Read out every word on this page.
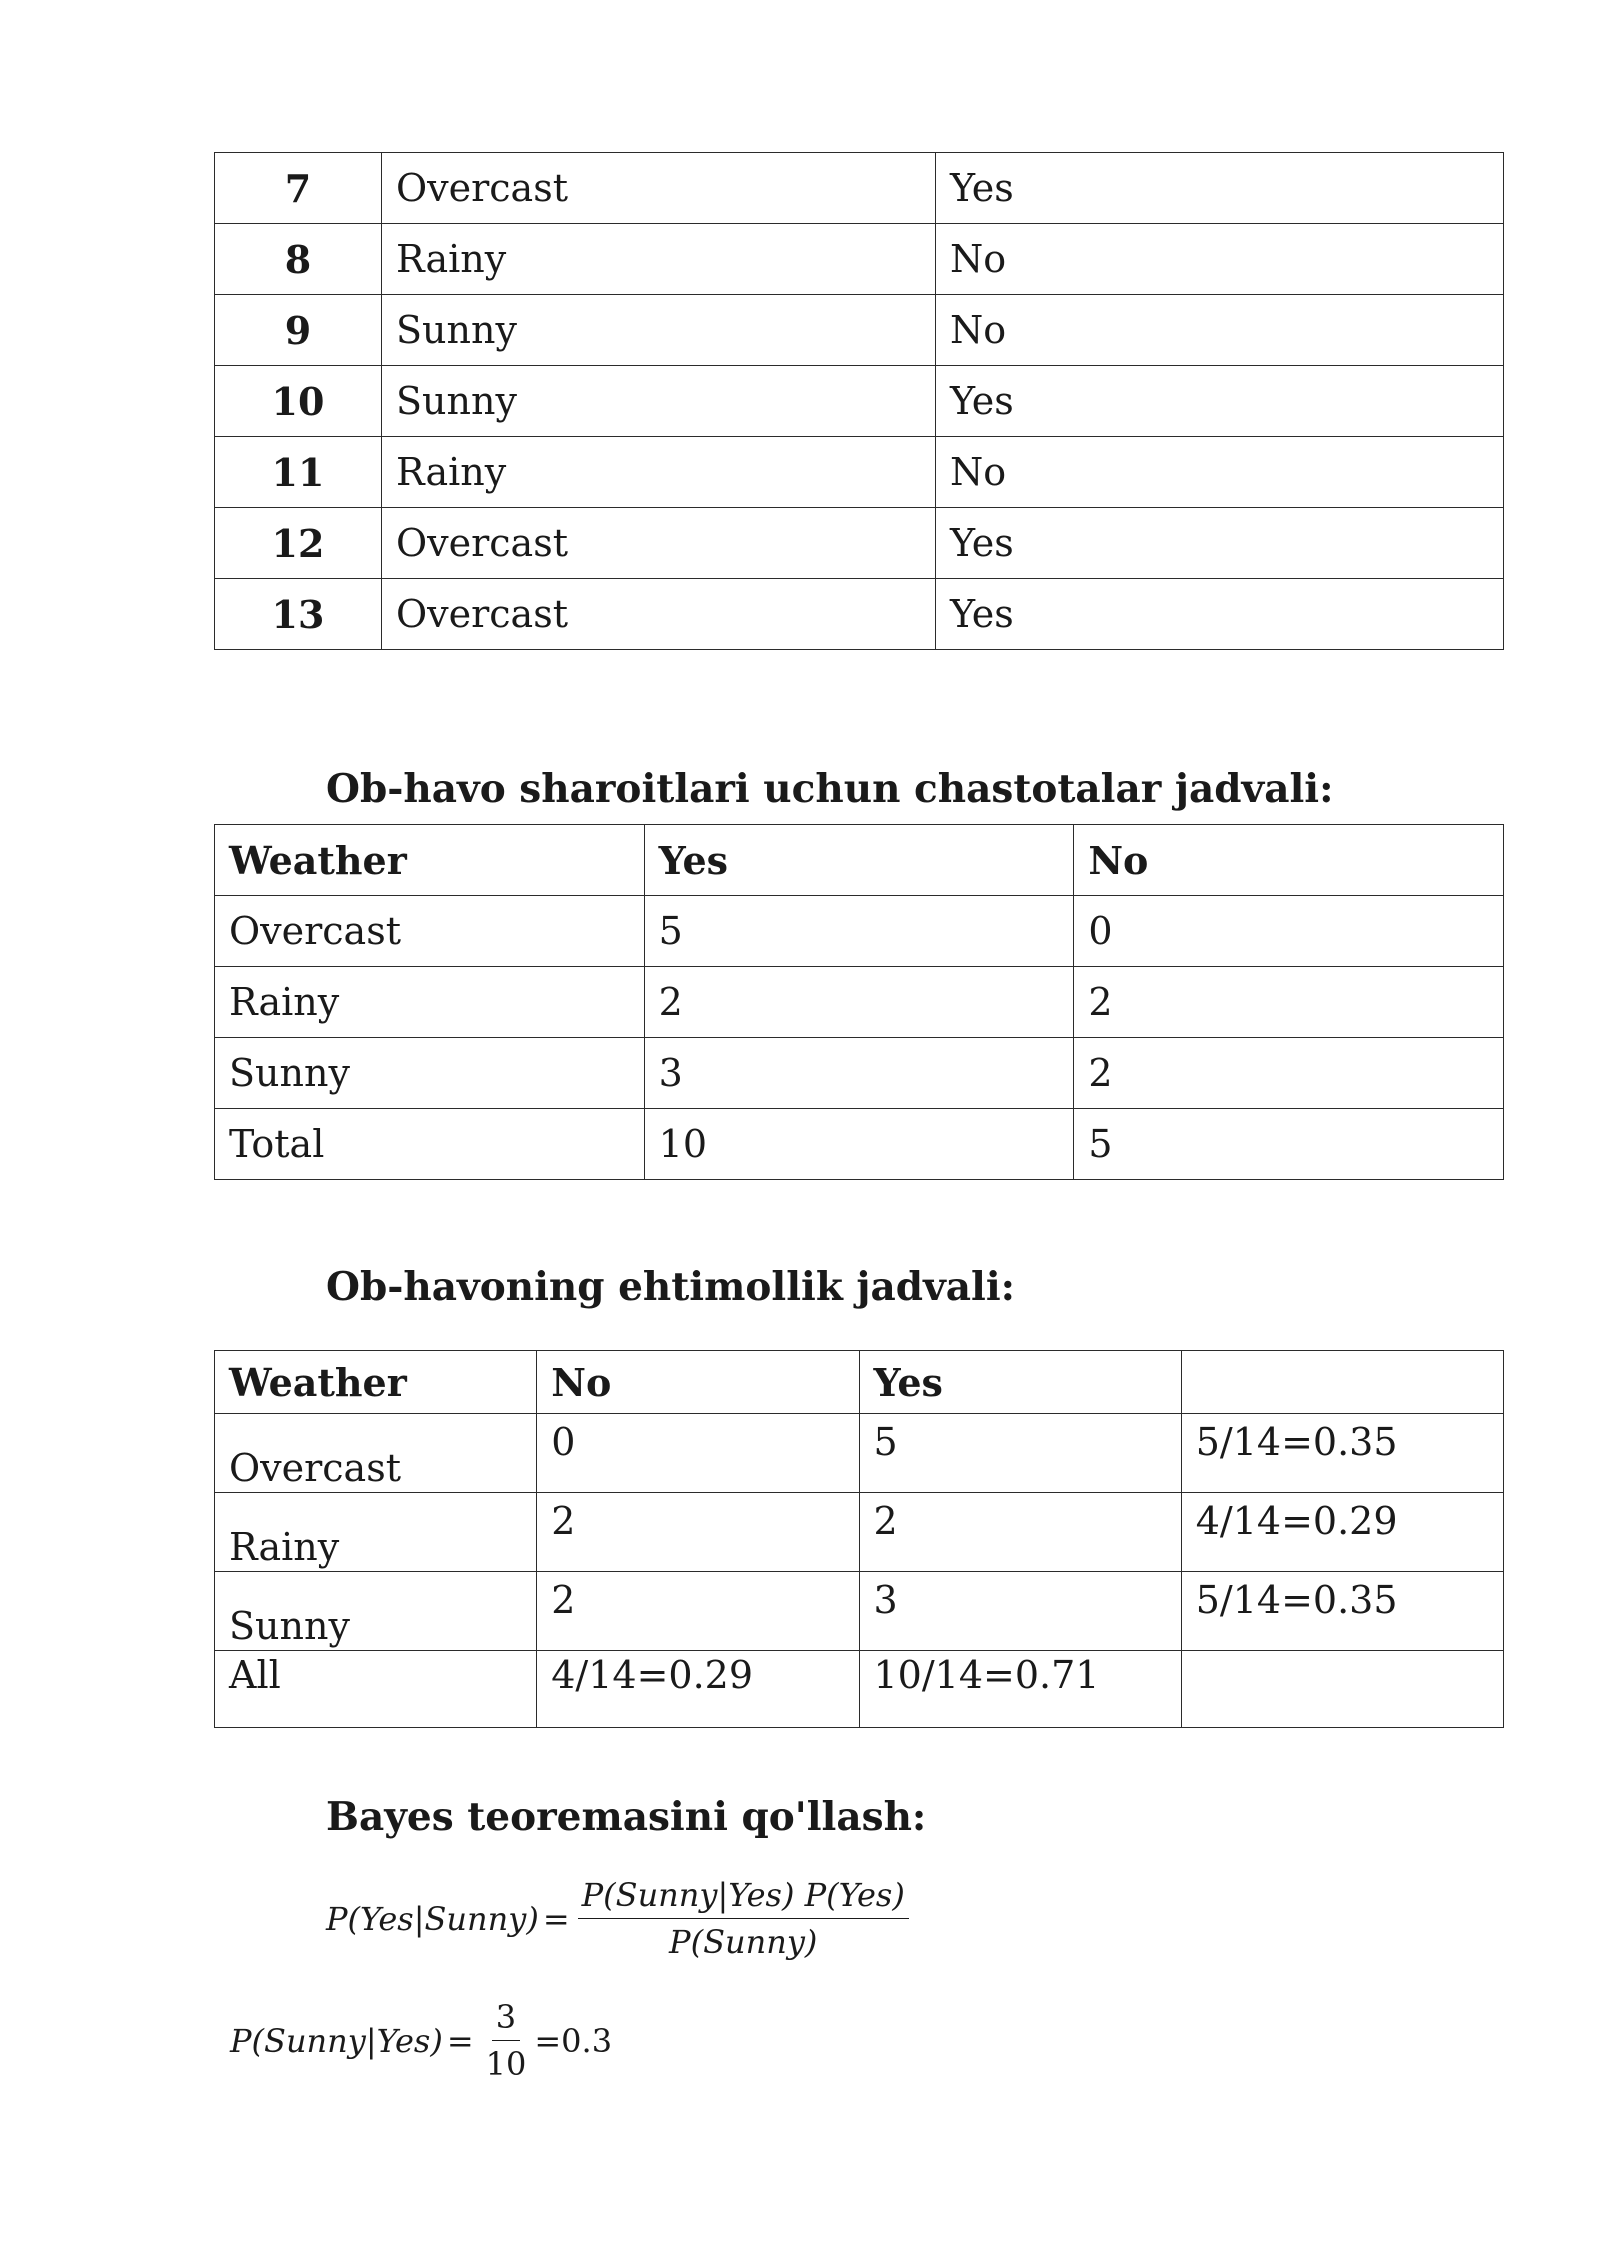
7	Overcast	Yes
8	Rainy	No
9	Sunny	No
10	Sunny	Yes
11	Rainy	No
12	Overcast	Yes
13	Overcast	Yes
Ob-havo sharoitlari uchun chastotalar jadvali:
Weather	Yes	No
Overcast	5	0
Rainy	2	2
Sunny	3	2
Total	10	5
Ob-havoning ehtimollik jadvali:
Weather	No	Yes	
Overcast	0	5	5/14=0.35
Rainy	2	2	4/14=0.29
Sunny	2	3	5/14=0.35
All	4/14=0.29	10/14=0.71	
Bayes teoremasini qo'llash:
P(Yes|Sunny) = $\frac{\text{P(Sunny|Yes) P(Yes)}}{\text{P(Sunny)}}$
P(Sunny|Yes) = $\frac{3}{10} =0.3$
